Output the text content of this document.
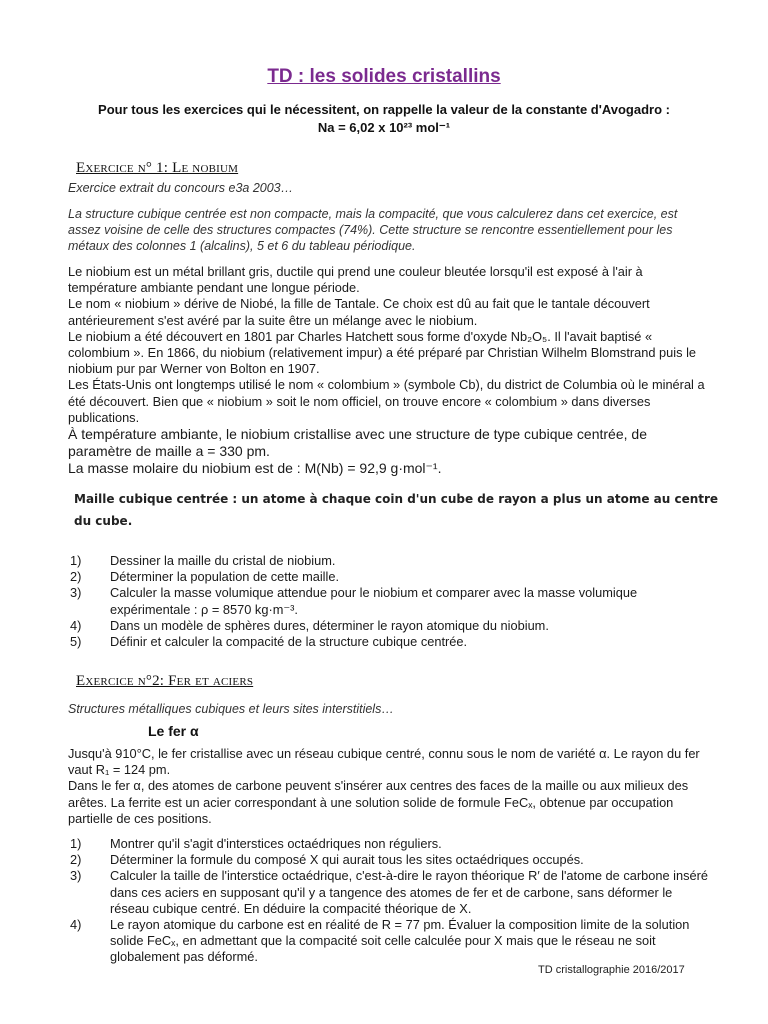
TD : les solides cristallins
Pour tous les exercices qui le nécessitent, on rappelle la valeur de la constante d'Avogadro :
Na = 6,02 x 10²³ mol⁻¹
Exercice n° 1: Le nobium
Exercice extrait du concours e3a 2003…
La structure cubique centrée est non compacte, mais la compacité, que vous calculerez dans cet exercice, est assez voisine de celle des structures compactes (74%). Cette structure se rencontre essentiellement pour les métaux des colonnes 1 (alcalins), 5 et 6 du tableau périodique.

Le niobium est un métal brillant gris, ductile qui prend une couleur bleutée lorsqu'il est exposé à l'air à température ambiante pendant une longue période.

Le nom « niobium » dérive de Niobé, la fille de Tantale. Ce choix est dû au fait que le tantale découvert antérieurement s'est avéré par la suite être un mélange avec le niobium.

Le niobium a été découvert en 1801 par Charles Hatchett sous forme d'oxyde Nb₂O₅. Il l'avait baptisé « colombium ». En 1866, du niobium (relativement impur) a été préparé par Christian Wilhelm Blomstrand puis le niobium pur par Werner von Bolton en 1907.

Les États-Unis ont longtemps utilisé le nom « colombium » (symbole Cb), du district de Columbia où le minéral a été découvert. Bien que « niobium » soit le nom officiel, on trouve encore « colombium » dans diverses publications.

À température ambiante, le niobium cristallise avec une structure de type cubique centrée, de paramètre de maille a = 330 pm.

La masse molaire du niobium est de : M(Nb) = 92,9 g·mol⁻¹.

Maille cubique centrée : un atome à chaque coin d'un cube de rayon a plus un atome au centre du cube.
1)	Dessiner la maille du cristal de niobium.
2)	Déterminer la population de cette maille.
3)	Calculer la masse volumique attendue pour le niobium et comparer avec la masse volumique expérimentale : ρ = 8570 kg·m⁻³.
4)	Dans un modèle de sphères dures, déterminer le rayon atomique du niobium.
5)	Définir et calculer la compacité de la structure cubique centrée.
Exercice n°2: Fer et aciers
Structures métalliques cubiques et leurs sites interstitiels…
Le fer α

Jusqu'à 910°C, le fer cristallise avec un réseau cubique centré, connu sous le nom de variété α. Le rayon du fer vaut R₁ = 124 pm.

Dans le fer α, des atomes de carbone peuvent s'insérer aux centres des faces de la maille ou aux milieux des arêtes. La ferrite est un acier correspondant à une solution solide de formule FeCₓ, obtenue par occupation partielle de ces positions.

1)	Montrer qu'il s'agit d'interstices octaédriques non réguliers.
2)	Déterminer la formule du composé X qui aurait tous les sites octaédriques occupés.
3)	Calculer la taille de l'interstice octaédrique, c'est-à-dire le rayon théorique R′ de l'atome de carbone inséré dans ces aciers en supposant qu'il y a tangence des atomes de fer et de carbone, sans déformer le réseau cubique centré. En déduire la compacité théorique de X.
4)	Le rayon atomique du carbone est en réalité de R = 77 pm. Évaluer la composition limite de la solution solide FeCₓ, en admettant que la compacité soit celle calculée pour X mais que le réseau ne soit globalement pas déformé.
TD cristallographie 2016/2017
